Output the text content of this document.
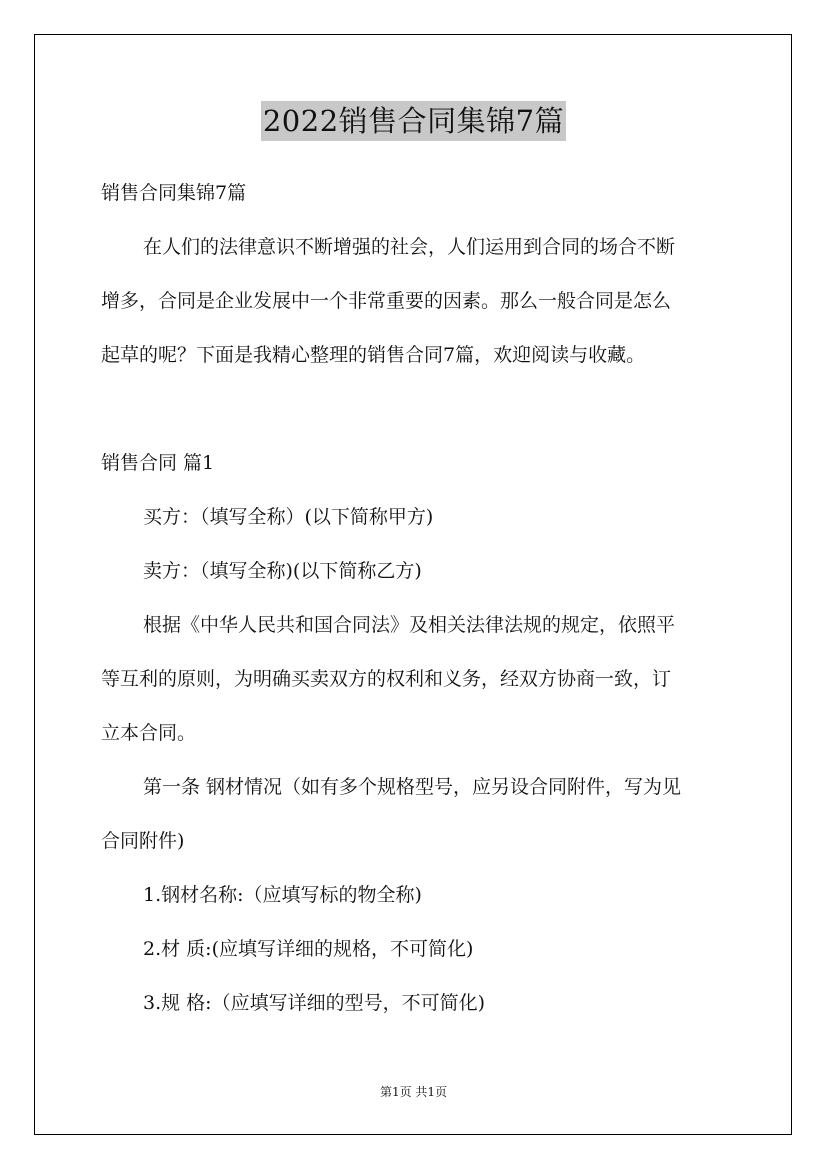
2022销售合同集锦7篇
销售合同集锦7篇
在人们的法律意识不断增强的社会，人们运用到合同的场合不断
增多，合同是企业发展中一个非常重要的因素。那么一般合同是怎么
起草的呢？下面是我精心整理的销售合同7篇，欢迎阅读与收藏。
销售合同 篇1
买方：（填写全称）(以下简称甲方)
卖方：（填写全称)(以下简称乙方)
根据《中华人民共和国合同法》及相关法律法规的规定，依照平
等互利的原则，为明确买卖双方的权利和义务，经双方协商一致，订
立本合同。
第一条 钢材情况（如有多个规格型号，应另设合同附件，写为见
合同附件)
1.钢材名称:（应填写标的物全称)
2.材 质:(应填写详细的规格，不可简化)
3.规 格:（应填写详细的型号，不可简化)
第1页 共1页
